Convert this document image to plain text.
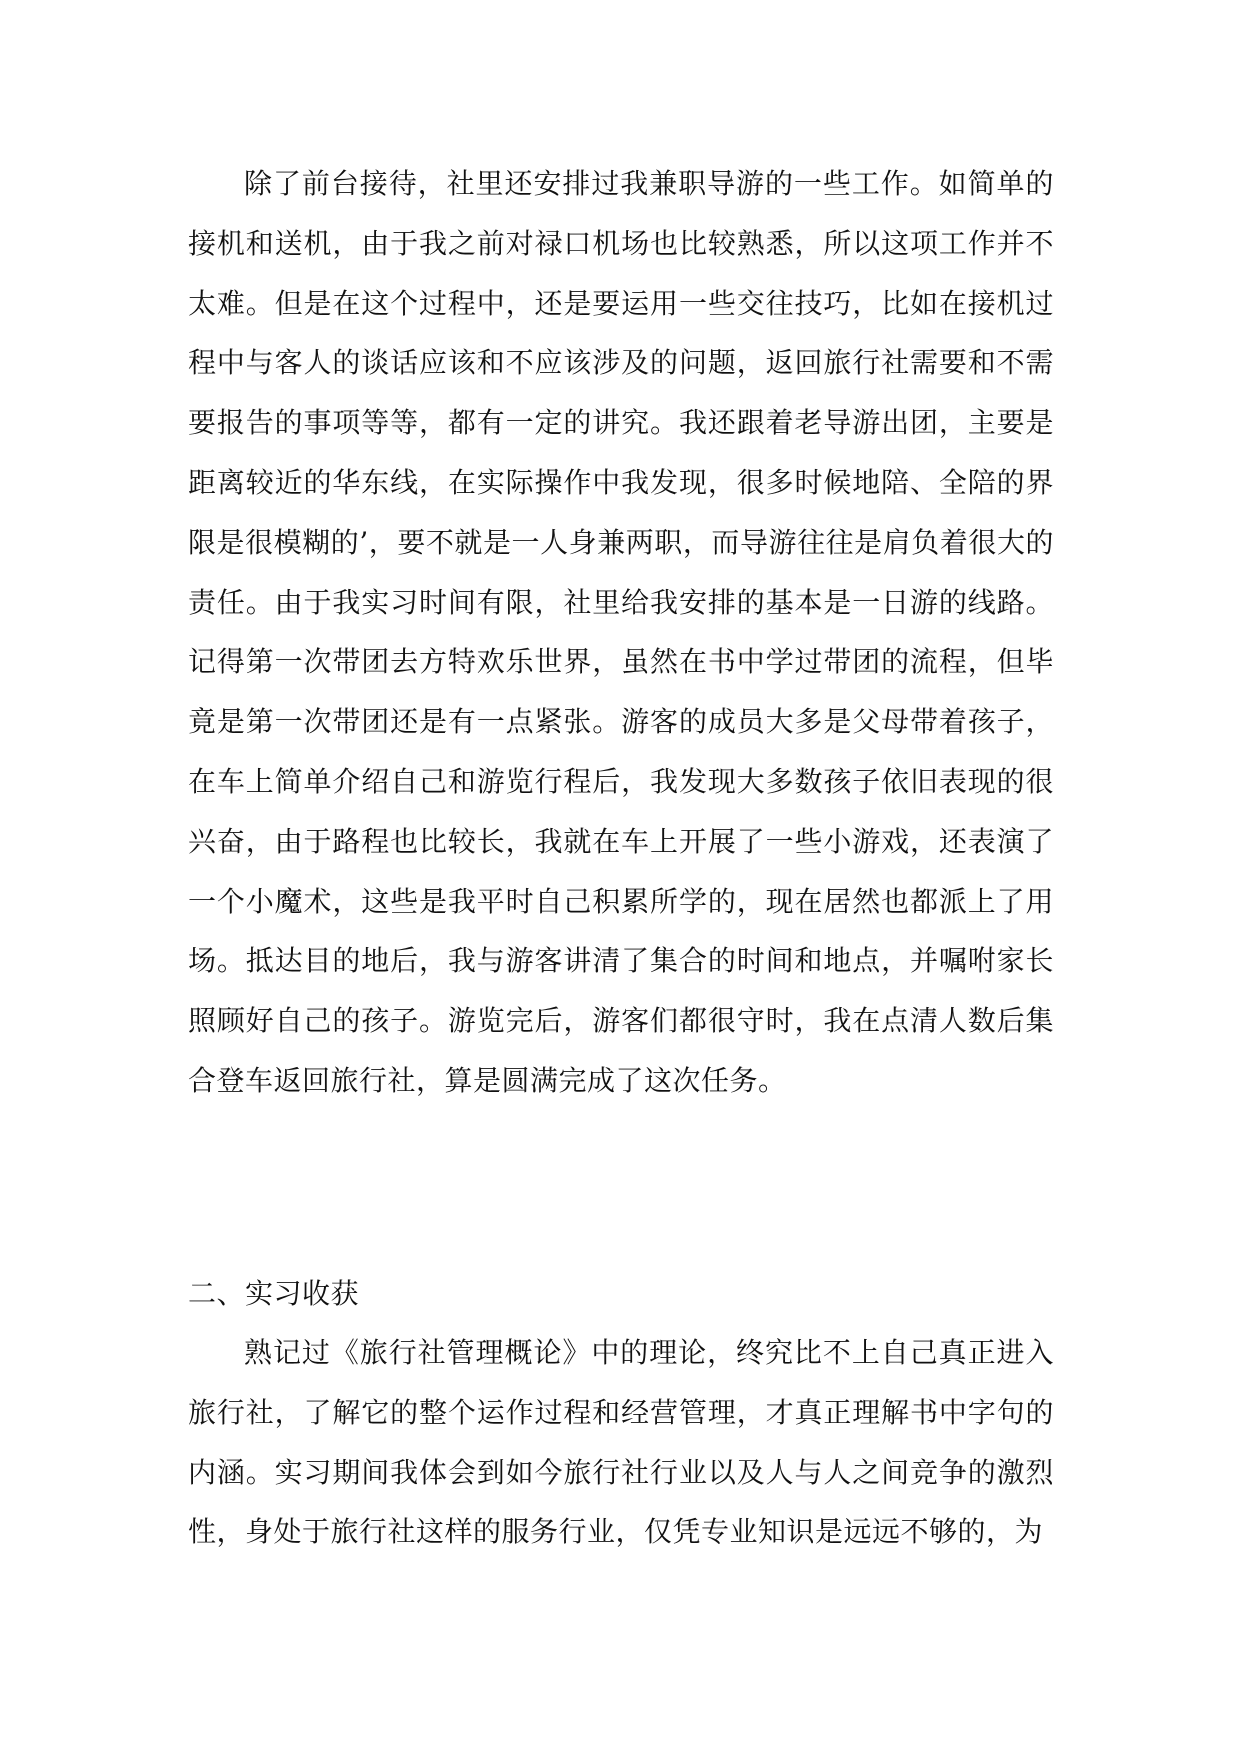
除了前台接待，社里还安排过我兼职导游的一些工作。如简单的接机和送机，由于我之前对禄口机场也比较熟悉，所以这项工作并不太难。但是在这个过程中，还是要运用一些交往技巧，比如在接机过程中与客人的谈话应该和不应该涉及的问题，返回旅行社需要和不需要报告的事项等等，都有一定的讲究。我还跟着老导游出团，主要是距离较近的华东线，在实际操作中我发现，很多时候地陪、全陪的界限是很模糊的’，要不就是一人身兼两职，而导游往往是肩负着很大的责任。由于我实习时间有限，社里给我安排的基本是一日游的线路。记得第一次带团去方特欢乐世界，虽然在书中学过带团的流程，但毕竟是第一次带团还是有一点紧张。游客的成员大多是父母带着孩子，在车上简单介绍自己和游览行程后，我发现大多数孩子依旧表现的很兴奋，由于路程也比较长，我就在车上开展了一些小游戏，还表演了一个小魔术，这些是我平时自己积累所学的，现在居然也都派上了用场。抵达目的地后，我与游客讲清了集合的时间和地点，并嘱咐家长照顾好自己的孩子。游览完后，游客们都很守时，我在点清人数后集合登车返回旅行社，算是圆满完成了这次任务。

二、实习收获

熟记过《旅行社管理概论》中的理论，终究比不上自己真正进入旅行社，了解它的整个运作过程和经营管理，才真正理解书中字句的内涵。实习期间我体会到如今旅行社行业以及人与人之间竞争的激烈性，身处于旅行社这样的服务行业，仅凭专业知识是远远不够的，为
